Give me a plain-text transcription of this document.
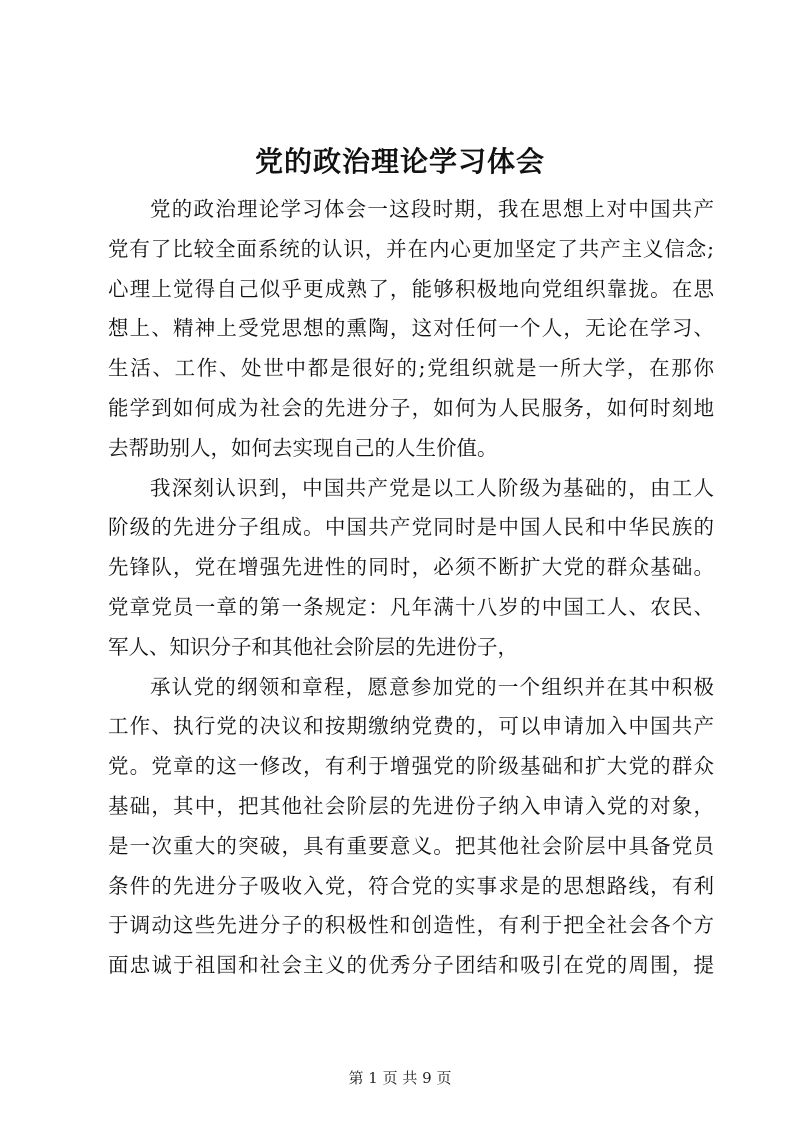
党的政治理论学习体会
党的政治理论学习体会一这段时期，我在思想上对中国共产
党有了比较全面系统的认识，并在内心更加坚定了共产主义信念;
心理上觉得自己似乎更成熟了，能够积极地向党组织靠拢。在思
想上、精神上受党思想的熏陶，这对任何一个人，无论在学习、
生活、工作、处世中都是很好的;党组织就是一所大学，在那你
能学到如何成为社会的先进分子，如何为人民服务，如何时刻地
去帮助别人，如何去实现自己的人生价值。
我深刻认识到，中国共产党是以工人阶级为基础的，由工人
阶级的先进分子组成。中国共产党同时是中国人民和中华民族的
先锋队，党在增强先进性的同时，必须不断扩大党的群众基础。
党章党员一章的第一条规定：凡年满十八岁的中国工人、农民、
军人、知识分子和其他社会阶层的先进份子，
承认党的纲领和章程，愿意参加党的一个组织并在其中积极
工作、执行党的决议和按期缴纳党费的，可以申请加入中国共产
党。党章的这一修改，有利于增强党的阶级基础和扩大党的群众
基础，其中，把其他社会阶层的先进份子纳入申请入党的对象，
是一次重大的突破，具有重要意义。把其他社会阶层中具备党员
条件的先进分子吸收入党，符合党的实事求是的思想路线，有利
于调动这些先进分子的积极性和创造性，有利于把全社会各个方
面忠诚于祖国和社会主义的优秀分子团结和吸引在党的周围，提
第 1 页 共 9 页
